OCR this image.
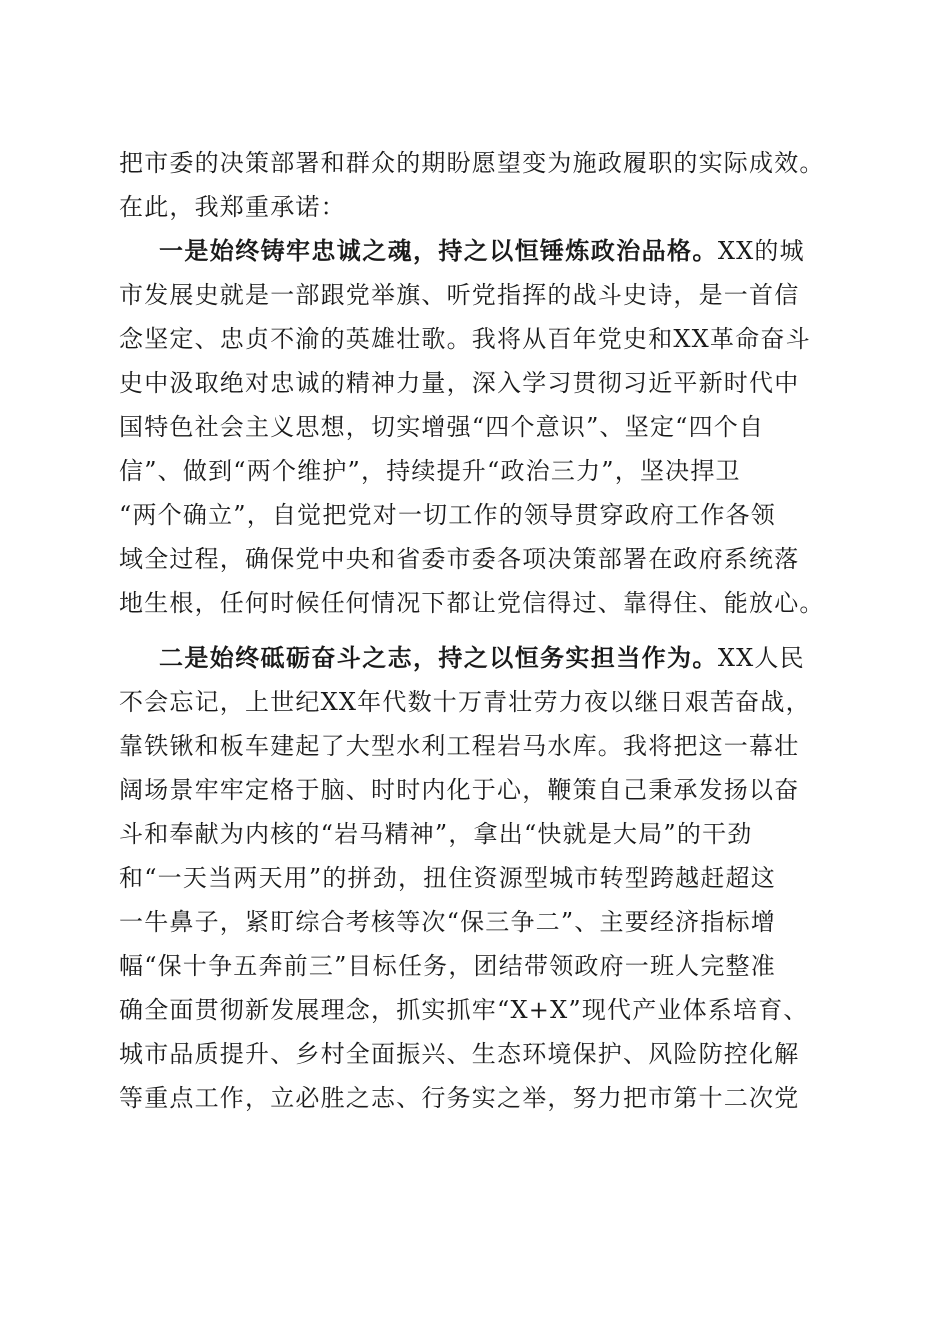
把市委的决策部署和群众的期盼愿望变为施政履职的实际成效。
在此，我郑重承诺：
一是始终铸牢忠诚之魂，持之以恒锤炼政治品格。XX的城
市发展史就是一部跟党举旗、听党指挥的战斗史诗，是一首信
念坚定、忠贞不渝的英雄壮歌。我将从百年党史和XX革命奋斗
史中汲取绝对忠诚的精神力量，深入学习贯彻习近平新时代中
国特色社会主义思想，切实增强“四个意识”、坚定“四个自
信”、做到“两个维护”，持续提升“政治三力”，坚决捍卫
“两个确立”，自觉把党对一切工作的领导贯穿政府工作各领
域全过程，确保党中央和省委市委各项决策部署在政府系统落
地生根，任何时候任何情况下都让党信得过、靠得住、能放心。
二是始终砥砺奋斗之志，持之以恒务实担当作为。XX人民
不会忘记，上世纪XX年代数十万青壮劳力夜以继日艰苦奋战，
靠铁锹和板车建起了大型水利工程岩马水库。我将把这一幕壮
阔场景牢牢定格于脑、时时内化于心，鞭策自己秉承发扬以奋
斗和奉献为内核的“岩马精神”，拿出“快就是大局”的干劲
和“一天当两天用”的拼劲，扭住资源型城市转型跨越赶超这
一牛鼻子，紧盯综合考核等次“保三争二”、主要经济指标增
幅“保十争五奔前三”目标任务，团结带领政府一班人完整准
确全面贯彻新发展理念，抓实抓牢“X+X”现代产业体系培育、
城市品质提升、乡村全面振兴、生态环境保护、风险防控化解
等重点工作，立必胜之志、行务实之举，努力把市第十二次党
